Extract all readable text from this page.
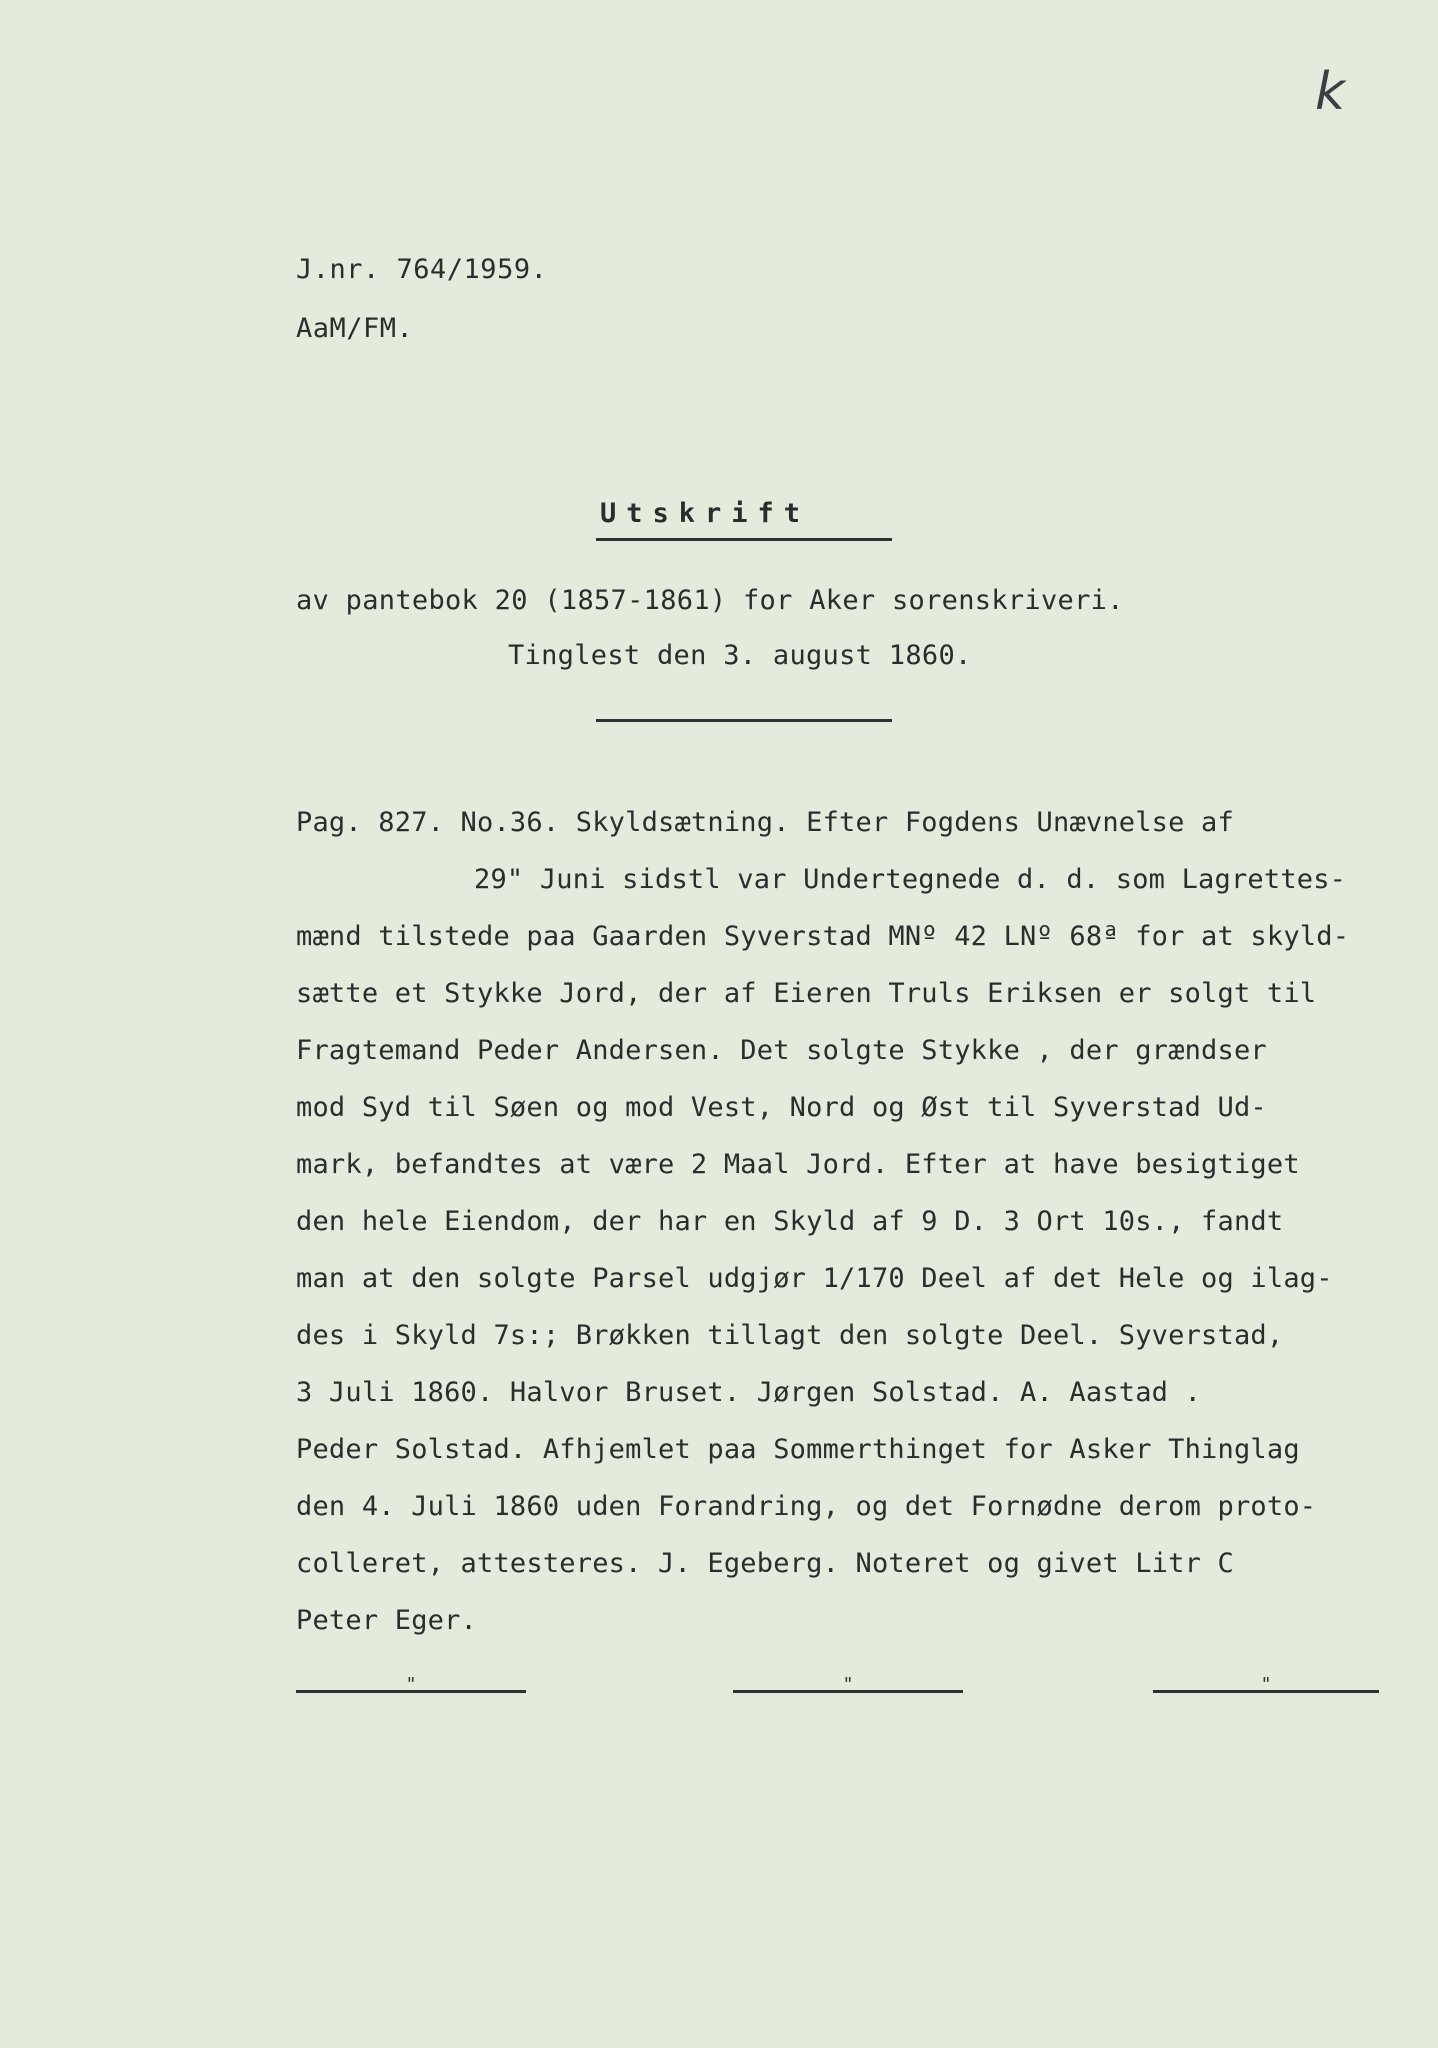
k
J.nr. 764/1959.
AaM/FM.
Utskrift
av pantebok 20 (1857-1861) for Aker sorenskriveri.
Tinglest den 3. august 1860.
Pag. 827. No.36. Skyldsætning. Efter Fogdens Unævnelse af
29" Juni sidstl var Undertegnede d. d. som Lagrettes-
mænd tilstede paa Gaarden Syverstad MNº 42 LNº 68ª for at skyld-
sætte et Stykke Jord, der af Eieren Truls Eriksen er solgt til
Fragtemand Peder Andersen. Det solgte Stykke , der grændser
mod Syd til Søen og mod Vest, Nord og Øst til Syverstad Ud-
mark, befandtes at være 2 Maal Jord. Efter at have besigtiget
den hele Eiendom, der har en Skyld af 9 D. 3 Ort 10s., fandt
man at den solgte Parsel udgjør 1/170 Deel af det Hele og ilag-
des i Skyld 7s:; Brøkken tillagt den solgte Deel. Syverstad,
3 Juli 1860. Halvor Bruset. Jørgen Solstad. A. Aastad .
Peder Solstad. Afhjemlet paa Sommerthinget for Asker Thinglag
den 4. Juli 1860 uden Forandring, og det Fornødne derom proto-
colleret, attesteres. J. Egeberg. Noteret og givet Litr C
Peter Eger.
"	"	"
